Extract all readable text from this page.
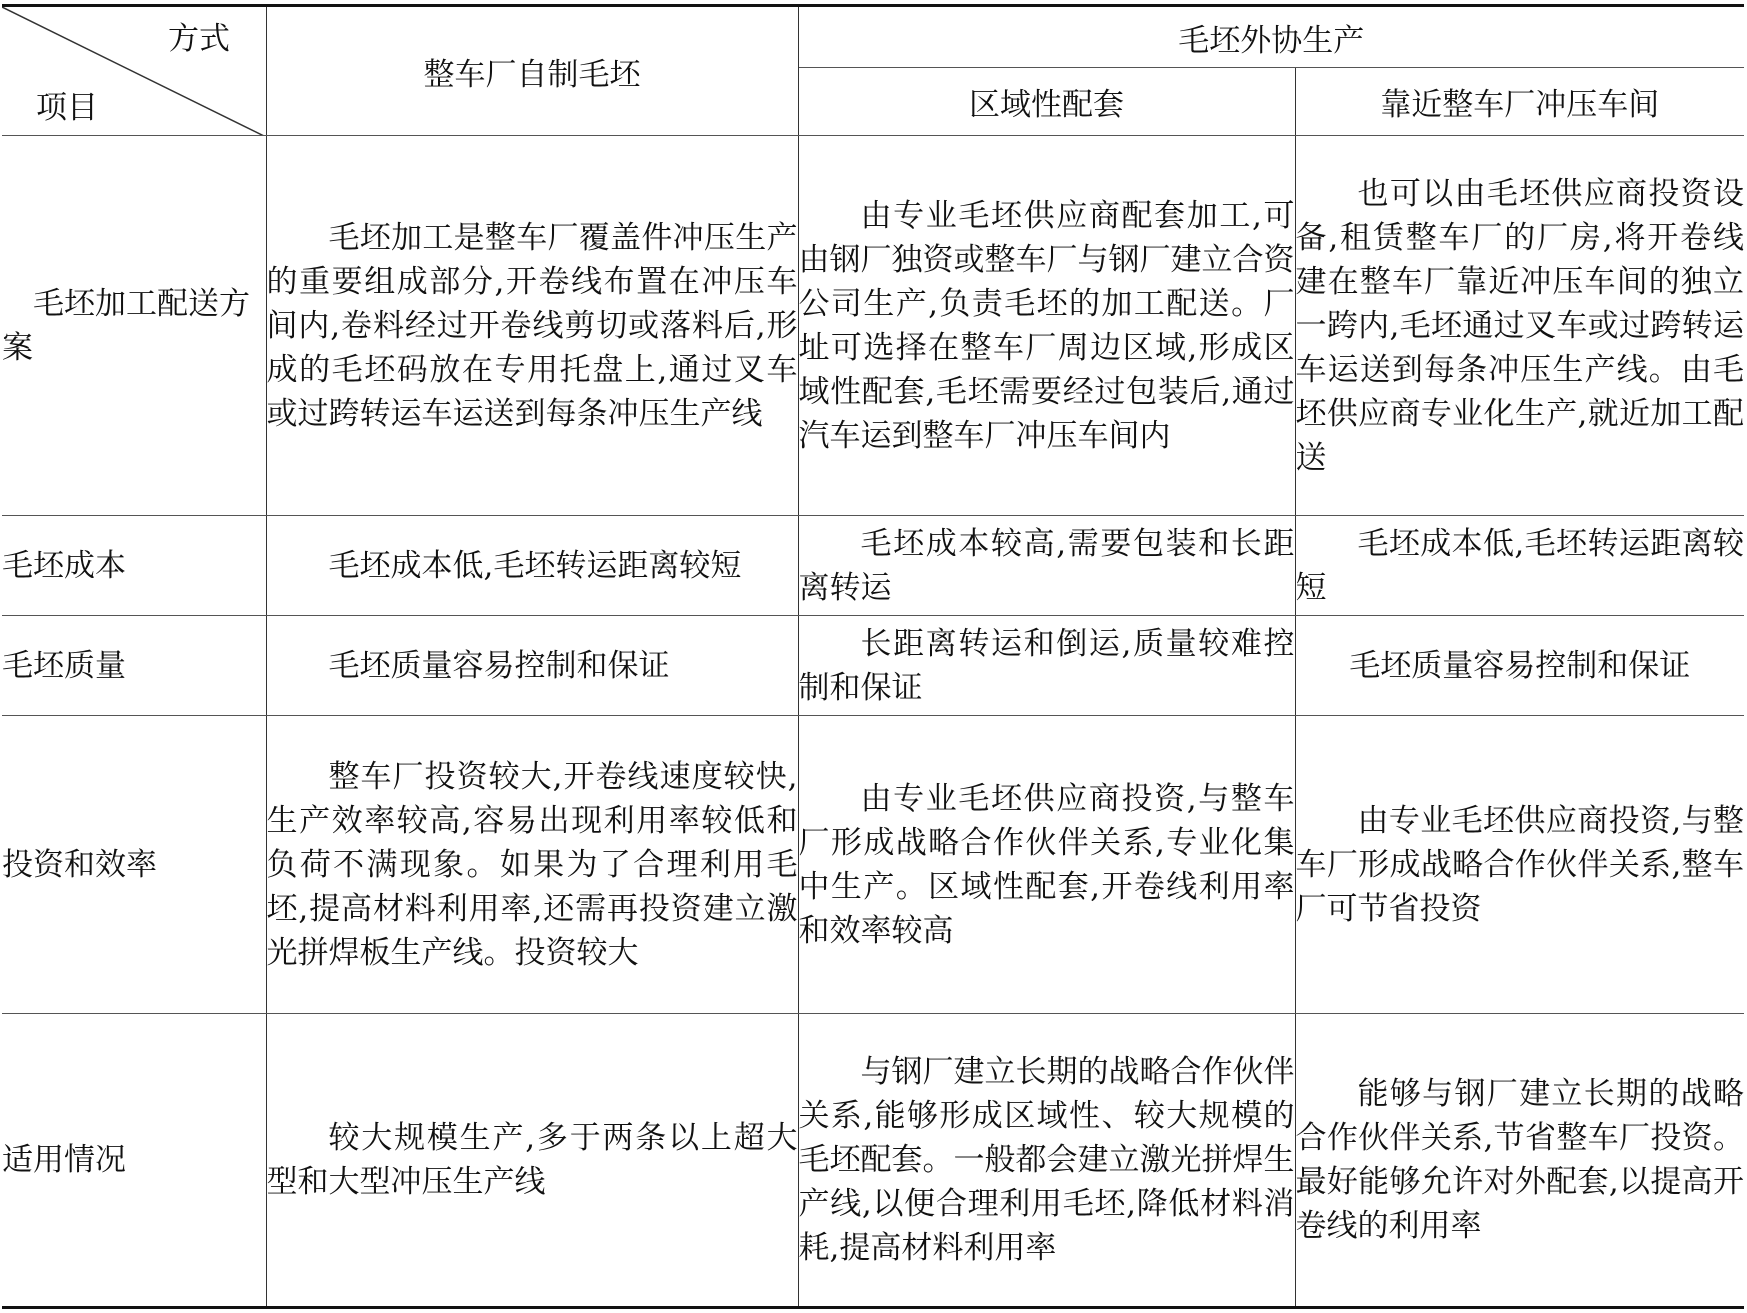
方式
项目	整车厂自制毛坯	毛坯外协生产	
		区域性配套	靠近整车厂冲压车间
毛坯加工配送方案	毛坯加工是整车厂覆盖件冲压生产的重要组成部分,开卷线布置在冲压车间内,卷料经过开卷线剪切或落料后,形成的毛坯码放在专用托盘上,通过叉车或过跨转运车运送到每条冲压生产线	由专业毛坯供应商配套加工,可由钢厂独资或整车厂与钢厂建立合资公司生产,负责毛坯的加工配送。厂址可选择在整车厂周边区域,形成区域性配套,毛坯需要经过包装后,通过汽车运到整车厂冲压车间内	也可以由毛坯供应商投资设备,租赁整车厂的厂房,将开卷线建在整车厂靠近冲压车间的独立一跨内,毛坯通过叉车或过跨转运车运送到每条冲压生产线。由毛坯供应商专业化生产,就近加工配送
毛坯成本	毛坯成本低,毛坯转运距离较短	毛坯成本较高,需要包装和长距离转运	毛坯成本低,毛坯转运距离较短
毛坯质量	毛坯质量容易控制和保证	长距离转运和倒运,质量较难控制和保证	毛坯质量容易控制和保证
投资和效率	整车厂投资较大,开卷线速度较快,生产效率较高,容易出现利用率较低和负荷不满现象。如果为了合理利用毛坯,提高材料利用率,还需再投资建立激光拼焊板生产线。投资较大	由专业毛坯供应商投资,与整车厂形成战略合作伙伴关系,专业化集中生产。区域性配套,开卷线利用率和效率较高	由专业毛坯供应商投资,与整车厂形成战略合作伙伴关系,整车厂可节省投资
适用情况	较大规模生产,多于两条以上超大型和大型冲压生产线	与钢厂建立长期的战略合作伙伴关系,能够形成区域性、较大规模的毛坯配套。一般都会建立激光拼焊生产线,以便合理利用毛坯,降低材料消耗,提高材料利用率	能够与钢厂建立长期的战略合作伙伴关系,节省整车厂投资。最好能够允许对外配套,以提高开卷线的利用率
